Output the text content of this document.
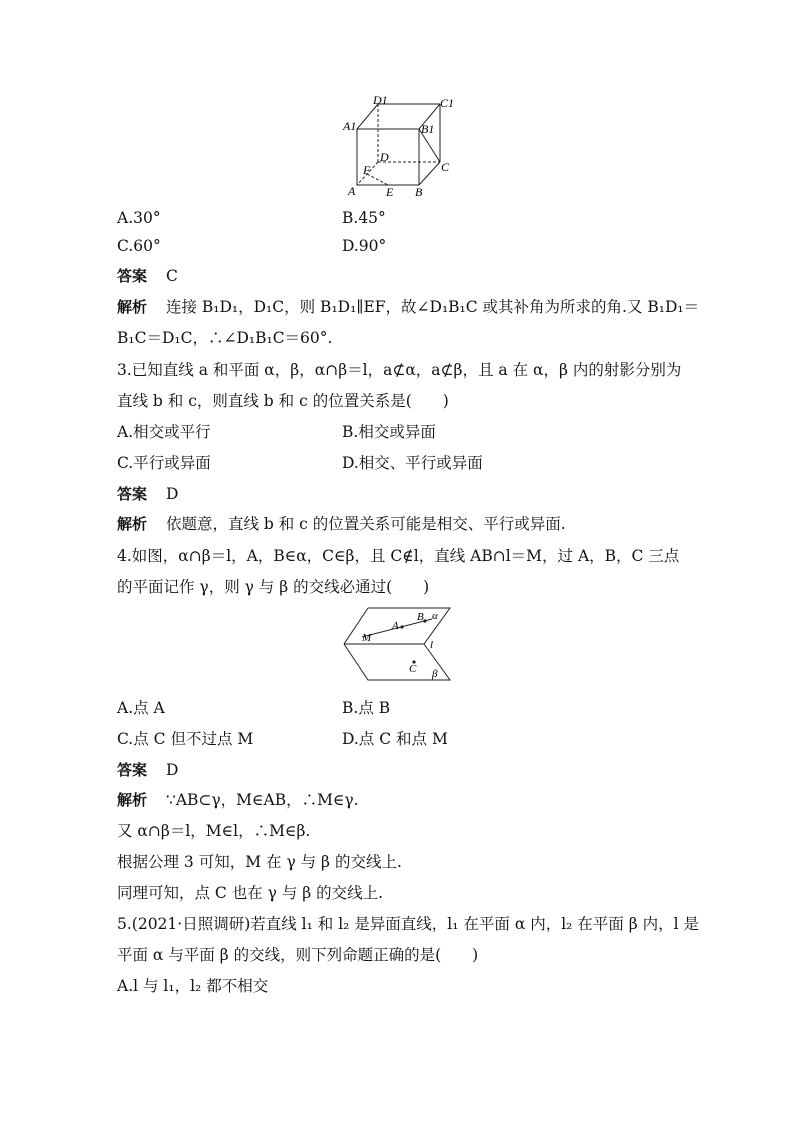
D1	C1
A1	B1
D
F	C
A	E B
A.30°	B.45°
C.60°	D.90°
答案 C
解析 连接 B₁D₁，D₁C，则 B₁D₁∥EF，故∠D₁B₁C 或其补角为所求的角.又 B₁D₁＝
B₁C＝D₁C，∴∠D₁B₁C＝60°.
3.已知直线 a 和平面 α，β，α∩β＝l，a⊄α，a⊄β，且 a 在 α，β 内的射影分别为
直线 b 和 c，则直线 b 和 c 的位置关系是(　　)
A.相交或平行	B.相交或异面
C.平行或异面	D.相交、平行或异面
答案 D
解析 依题意，直线 b 和 c 的位置关系可能是相交、平行或异面.
4.如图，α∩β＝l，A，B∈α，C∈β，且 C∉l，直线 AB∩l＝M，过 A，B，C 三点
的平面记作 γ，则 γ 与 β 的交线必通过(　　)
M
A
B α
l
C β
A.点 A	B.点 B
C.点 C 但不过点 M	D.点 C 和点 M
答案 D
解析 ∵AB⊂γ，M∈AB，∴M∈γ.
又 α∩β＝l，M∈l，∴M∈β.
根据公理 3 可知，M 在 γ 与 β 的交线上.
同理可知，点 C 也在 γ 与 β 的交线上.
5.(2021·日照调研)若直线 l₁ 和 l₂ 是异面直线，l₁ 在平面 α 内，l₂ 在平面 β 内，l 是
平面 α 与平面 β 的交线，则下列命题正确的是(　　)
A.l 与 l₁，l₂ 都不相交
